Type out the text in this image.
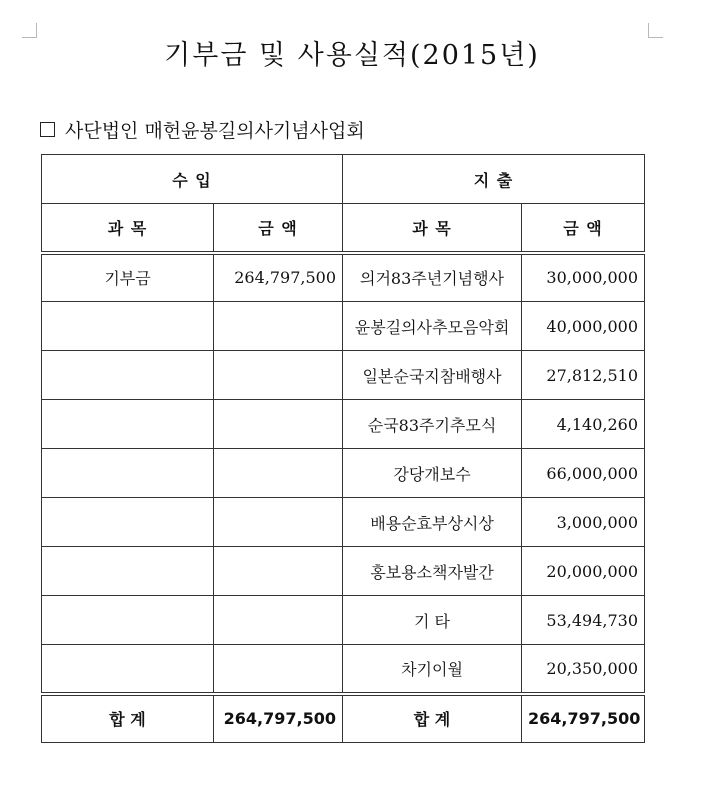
기부금 및 사용실적(2015년)
사단법인 매헌윤봉길의사기념사업회
수 입		지 출	
과 목	금 액	과 목	금 액
기부금	264,797,500	의거83주년기념행사	30,000,000
		윤봉길의사추모음악회	40,000,000
		일본순국지참배행사	27,812,510
		순국83주기추모식	4,140,260
		강당개보수	66,000,000
		배용순효부상시상	3,000,000
		홍보용소책자발간	20,000,000
		기 타	53,494,730
		차기이월	20,350,000
합 계	264,797,500	합 계	264,797,500
